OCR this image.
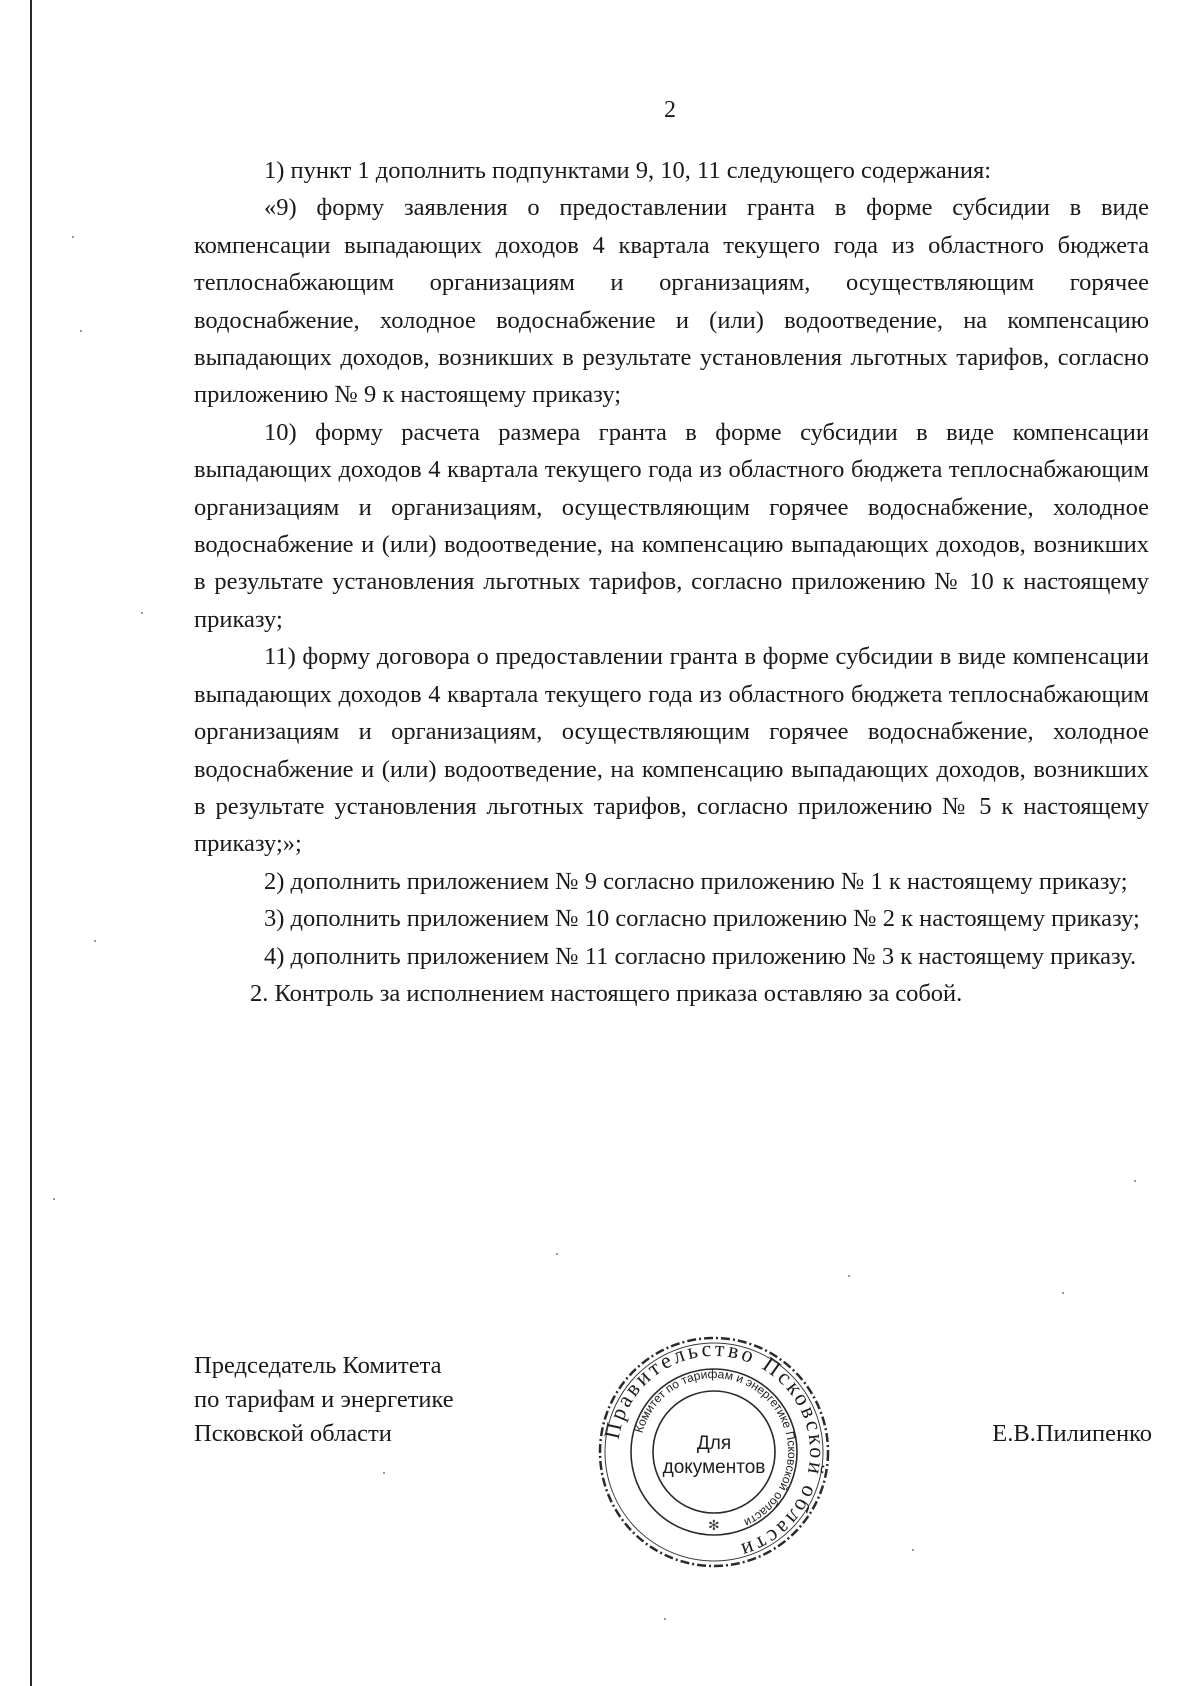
2

1) пункт 1 дополнить подпунктами 9, 10, 11 следующего содержания:

«9) форму заявления о предоставлении гранта в форме субсидии в виде компенсации выпадающих доходов 4 квартала текущего года из областного бюджета теплоснабжающим организациям и организациям, осуществляющим горячее водоснабжение, холодное водоснабжение и (или) водоотведение, на компенсацию выпадающих доходов, возникших в результате установления льготных тарифов, согласно приложению № 9 к настоящему приказу;

10) форму расчета размера гранта в форме субсидии в виде компенсации выпадающих доходов 4 квартала текущего года из областного бюджета теплоснабжающим организациям и организациям, осуществляющим горячее водоснабжение, холодное водоснабжение и (или) водоотведение, на компенсацию выпадающих доходов, возникших в результате установления льготных тарифов, согласно приложению № 10 к настоящему приказу;

11) форму договора о предоставлении гранта в форме субсидии в виде компенсации выпадающих доходов 4 квартала текущего года из областного бюджета теплоснабжающим организациям и организациям, осуществляющим горячее водоснабжение, холодное водоснабжение и (или) водоотведение, на компенсацию выпадающих доходов, возникших в результате установления льготных тарифов, согласно приложению № 5 к настоящему приказу;»;

2) дополнить приложением № 9 согласно приложению № 1 к настоящему приказу;

3) дополнить приложением № 10 согласно приложению № 2 к настоящему приказу;

4) дополнить приложением № 11 согласно приложению № 3 к настоящему приказу.

2. Контроль за исполнением настоящего приказа оставляю за собой.

Председатель Комитета
по тарифам и энергетике
Псковской области	Правительство Псковской области
Комитет по тарифам и энергетике Псковской области
✻
Для
документов
Е.В.Пилипенко
